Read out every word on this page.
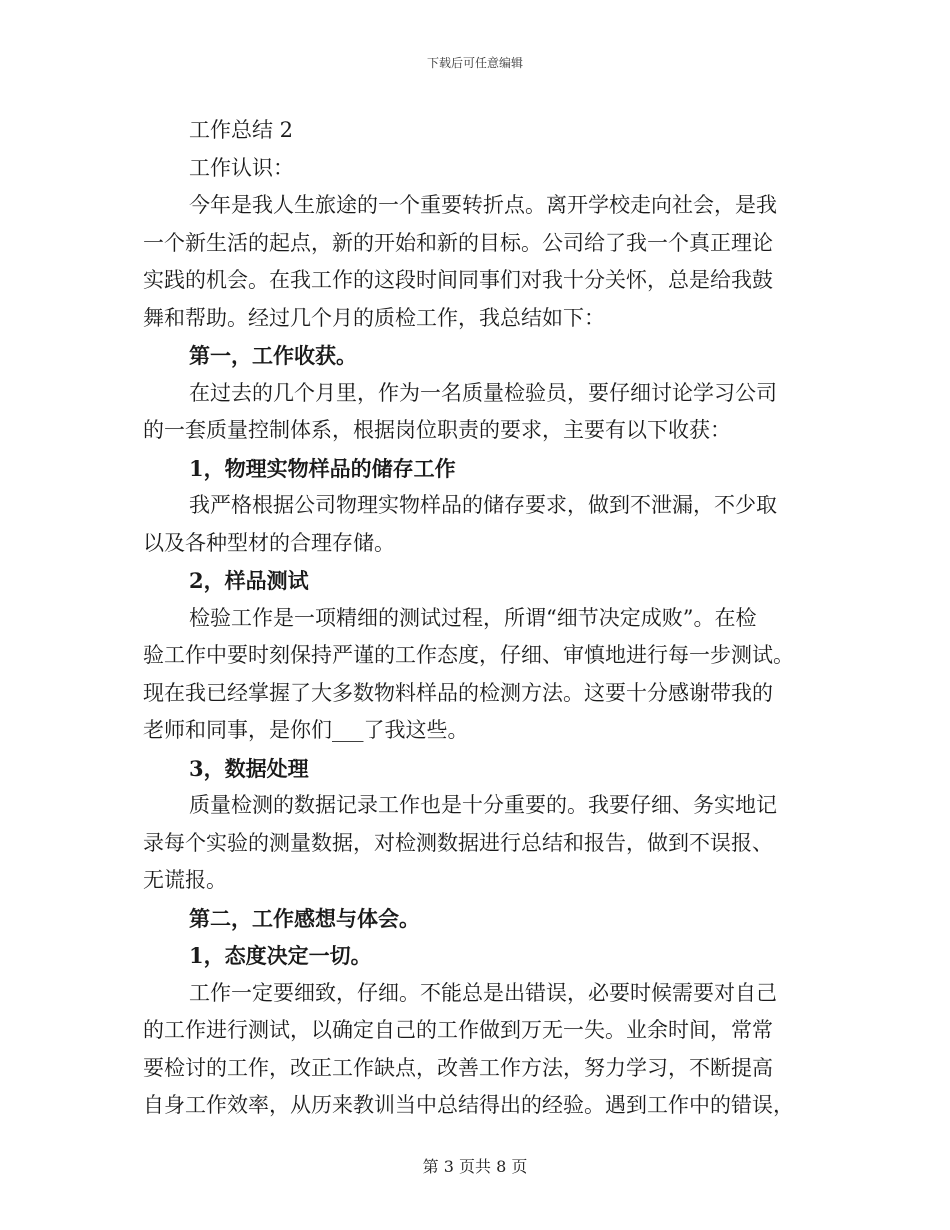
下载后可任意编辑
工作总结 2
工作认识：
今年是我人生旅途的一个重要转折点。离开学校走向社会，是我
一个新生活的起点，新的开始和新的目标。公司给了我一个真正理论
实践的机会。在我工作的这段时间同事们对我十分关怀，总是给我鼓
舞和帮助。经过几个月的质检工作，我总结如下：
第一，工作收获。
在过去的几个月里，作为一名质量检验员，要仔细讨论学习公司
的一套质量控制体系，根据岗位职责的要求，主要有以下收获：
1，物理实物样品的储存工作
我严格根据公司物理实物样品的储存要求，做到不泄漏，不少取
以及各种型材的合理存储。
2，样品测试
检验工作是一项精细的测试过程，所谓“细节决定成败”。在检
验工作中要时刻保持严谨的工作态度，仔细、审慎地进行每一步测试。
现在我已经掌握了大多数物料样品的检测方法。这要十分感谢带我的
老师和同事，是你们___了我这些。
3，数据处理
质量检测的数据记录工作也是十分重要的。我要仔细、务实地记
录每个实验的测量数据，对检测数据进行总结和报告，做到不误报、
无谎报。
第二，工作感想与体会。
1，态度决定一切。
工作一定要细致，仔细。不能总是出错误，必要时候需要对自己
的工作进行测试，以确定自己的工作做到万无一失。业余时间，常常
要检讨的工作，改正工作缺点，改善工作方法，努力学习，不断提高
自身工作效率，从历来教训当中总结得出的经验。遇到工作中的错误，
第 3 页共 8 页
